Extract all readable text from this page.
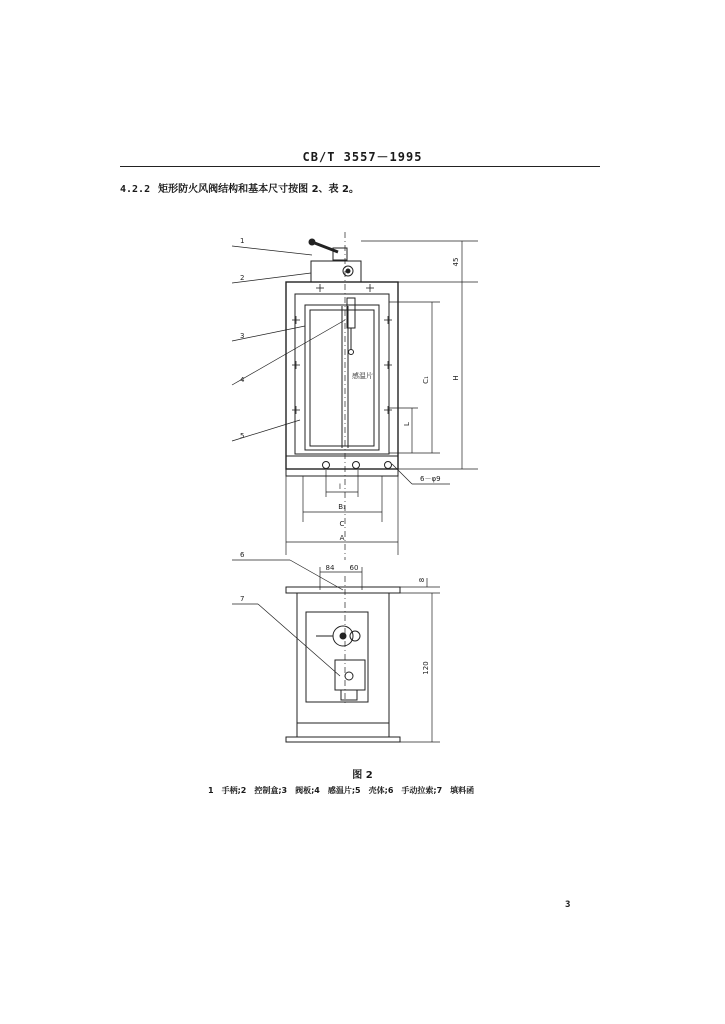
CB/T 3557－1995
4.2.2 矩形防火风阀结构和基本尺寸按图 2、表 2。
1
2
3
4
5
6
7
感温片
45
H
C₁
L
6－φ9
l
B₁
C
A
84 60
8
120
图 2
1　手柄;2　控制盒;3　阀板;4　感温片;5　壳体;6　手动拉索;7　填料函
3
